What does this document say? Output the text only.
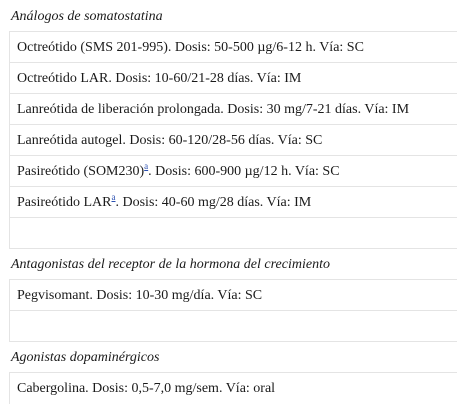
Análogos de somatostatina
Octreótido (SMS 201-995). Dosis: 50-500 µg/6-12 h. Vía: SC
Octreótido LAR. Dosis: 10-60/21-28 días. Vía: IM
Lanreótida de liberación prolongada. Dosis: 30 mg/7-21 días. Vía: IM
Lanreótida autogel. Dosis: 60-120/28-56 días. Vía: SC
Pasireótido (SOM230)$^a$. Dosis: 600-900 µg/12 h. Vía: SC
Pasireótido LAR$^a$. Dosis: 40-60 mg/28 días. Vía: IM
Antagonistas del receptor de la hormona del crecimiento
Pegvisomant. Dosis: 10-30 mg/día. Vía: SC
Agonistas dopaminérgicos
Cabergolina. Dosis: 0,5-7,0 mg/sem. Vía: oral
